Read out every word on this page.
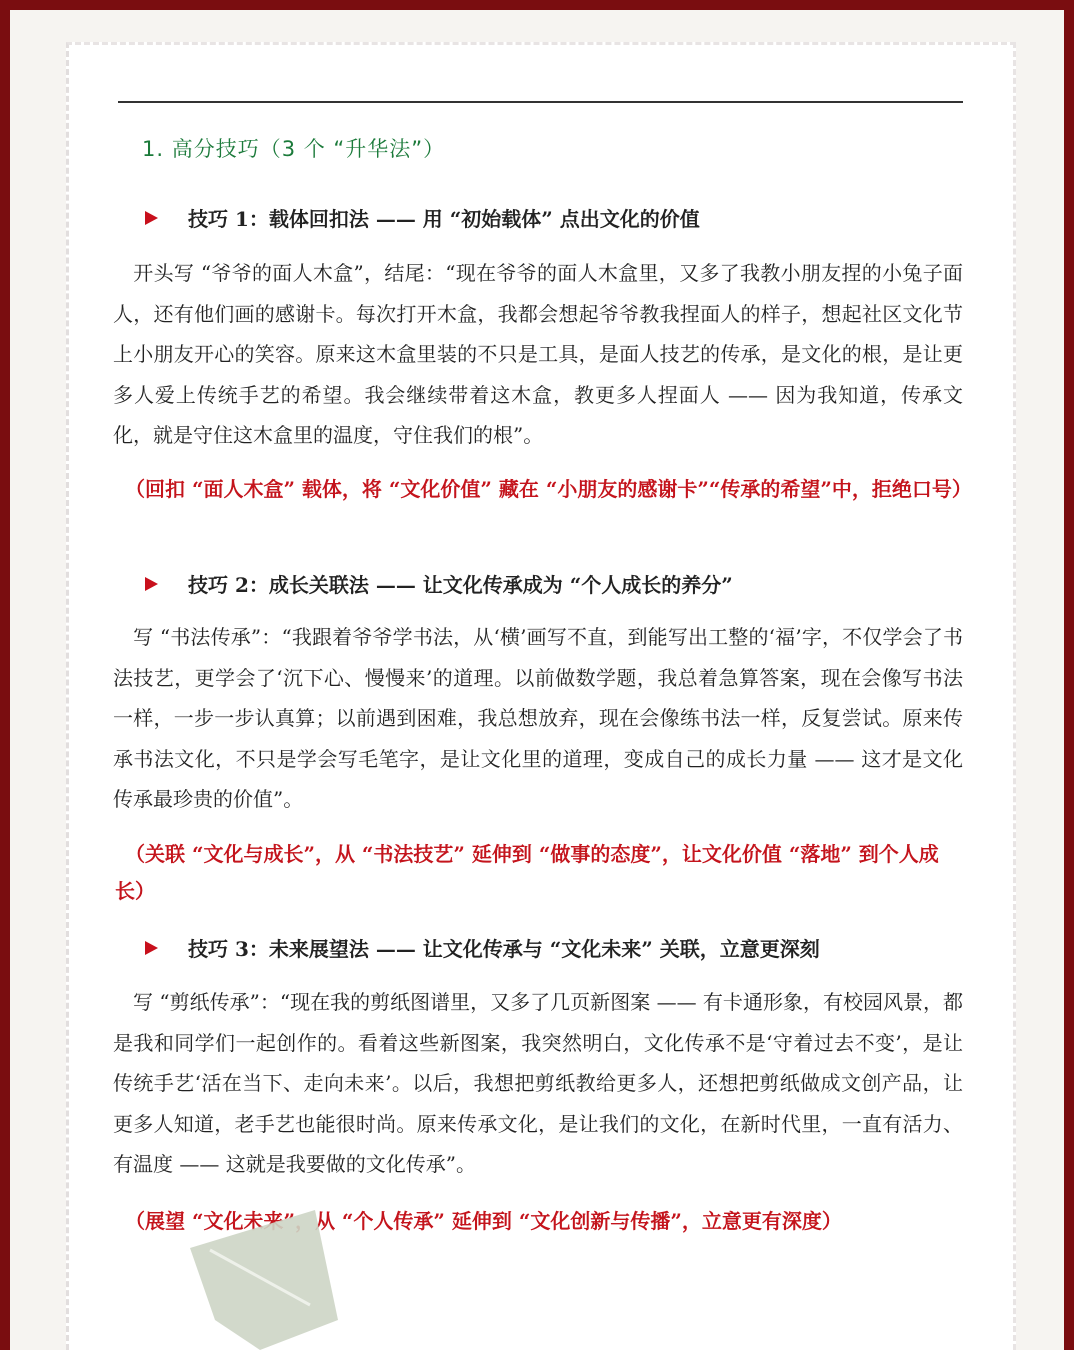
1. 高分技巧（3 个 “升华法”）
技巧 1：载体回扣法 —— 用 “初始载体” 点出文化的价值

　开头写 “爷爷的面人木盒”，结尾：“现在爷爷的面人木盒里，又多了我教小朋友捏的小兔子面人，还有他们画的感谢卡。每次打开木盒，我都会想起爷爷教我捏面人的样子，想起社区文化节上小朋友开心的笑容。原来这木盒里装的不只是工具，是面人技艺的传承，是文化的根，是让更多人爱上传统手艺的希望。我会继续带着这木盒，教更多人捏面人 —— 因为我知道，传承文化，就是守住这木盒里的温度，守住我们的根”。

　（回扣 “面人木盒” 载体，将 “文化价值” 藏在 “小朋友的感谢卡”“传承的希望”中，拒绝口号）

技巧 2：成长关联法 —— 让文化传承成为 “个人成长的养分”

　写 “书法传承”：“我跟着爷爷学书法，从‘横’画写不直，到能写出工整的‘福’字，不仅学会了书法技艺，更学会了‘沉下心、慢慢来’的道理。以前做数学题，我总着急算答案，现在会像写书法一样，一步一步认真算；以前遇到困难，我总想放弃，现在会像练书法一样，反复尝试。原来传承书法文化，不只是学会写毛笔字，是让文化里的道理，变成自己的成长力量 —— 这才是文化传承最珍贵的价值”。

　（关联 “文化与成长”，从 “书法技艺” 延伸到 “做事的态度”，让文化价值 “落地” 到个人成长）

技巧 3：未来展望法 —— 让文化传承与 “文化未来” 关联，立意更深刻

　写 “剪纸传承”：“现在我的剪纸图谱里，又多了几页新图案 —— 有卡通形象，有校园风景，都是我和同学们一起创作的。看着这些新图案，我突然明白，文化传承不是‘守着过去不变’，是让传统手艺‘活在当下、走向未来’。以后，我想把剪纸教给更多人，还想把剪纸做成文创产品，让更多人知道，老手艺也能很时尚。原来传承文化，是让我们的文化，在新时代里，一直有活力、有温度 —— 这就是我要做的文化传承”。

　（展望 “文化未来”，从 “个人传承” 延伸到 “文化创新与传播”，立意更有深度）
